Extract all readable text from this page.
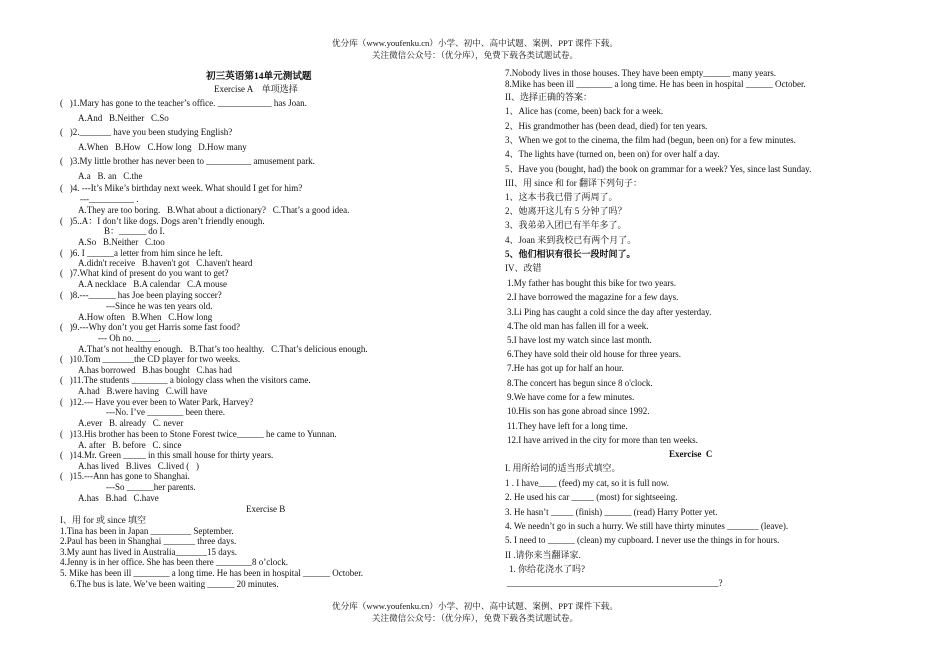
优分库（www.youfenku.cn）小学、初中、高中试题、案例、PPT 课件下载。
关注微信公众号：（优分库），免费下载各类试题试卷。
初三英语第14单元测试题
Exercise A　单项选择
(   )1.Mary has gone to the teacher’s office. ____________ has Joan.
A.And   B.Neither   C.So
(   )2._______ have you been studying English?
A.When   B.How   C.How long   D.How many
(   )3.My little brother has never been to __________ amusement park.
A.a   B. an   C.the
(   )4. ---It’s Mike’s birthday next week. What should I get for him?
---__________ .
A.They are too boring.   B.What about a dictionary?   C.That’s a good idea.
(   )5..A：I don’t like dogs. Dogs aren’t friendly enough.
B：______ do I.
A.So   B.Neither   C.too
(   )6. I ______a letter from him since he left.
A.didn't receive   B.haven't got   C.haven't heard
(   )7.What kind of present do you want to get?
A.A necklace   B.A calendar   C.A mouse
(   )8.---______ has Joe been playing soccer?
---Since he was ten years old.
A.How often   B.When   C.How long
(   )9.---Why don’t you get Harris some fast food?
--- Oh no. _____.
A.That’s not healthy enough.   B.That’s too healthy.   C.That’s delicious enough.
(   )10.Tom _______the CD player for two weeks.
A.has borrowed   B.has bought   C.has had
(   )11.The students ________ a biology class when the visitors came.
A.had   B.were having   C.will have
(   )12.--- Have you ever been to Water Park, Harvey?
---No. I’ve ________ been there.
A.ever   B. already   C. never
(   )13.His brother has been to Stone Forest twice______ he came to Yunnan.
A. after   B. before   C. since
(   )14.Mr. Green _____ in this small house for thirty years.
A.has lived   B.lives   C.lived (   )
(   )15.---Ann has gone to Shanghai.
---So ______her parents.
A.has   B.had   C.have
Exercise B
I、用 for 或 since 填空
1.Tina has been in Japan _________ September.
2.Paul has been in Shanghai _______ three days.
3.My aunt has lived in Australia_______15 days.
4.Jenny is in her office. She has been there ________8 o’clock.
5. Mike has been ill ________ a long time. He has been in hospital ______ October.
6.The bus is late. We’ve been waiting ______ 20 minutes.
7.Nobody lives in those houses. They have been empty______ many years.
8.Mike has been ill ________ a long time. He has been in hospital ______ October.
II、选择正确的答案：
1、Alice has (come, been) back for a week.
2、His grandmother has (been dead, died) for ten years.
3、When we got to the cinema, the film had (begun, been on) for a few minutes.
4、The lights have (turned on, been on) for over half a day.
5、Have you (bought, had) the book on grammar for a week? Yes, since last Sunday.
III、用 since 和 for 翻译下列句子：
1、这本书我已借了两周了。
2、她离开这儿有 5 分钟了吗？
3、我弟弟入团已有半年多了。
4、Joan 来到我校已有两个月了。
5、他们相识有很长一段时间了。
IV、改错
1.My father has bought this bike for two years.
2.I have borrowed the magazine for a few days.
3.Li Ping has caught a cold since the day after yesterday.
4.The old man has fallen ill for a week.
5.I have lost my watch since last month.
6.They have sold their old house for three years.
7.He has got up for half an hour.
8.The concert has begun since 8 o'clock.
9.We have come for a few minutes.
10.His son has gone abroad since 1992.
11.They have left for a long time.
12.I have arrived in the city for more than ten weeks.
Exercise  C
I. 用所给词的适当形式填空。
1 . I have____ (feed) my cat, so it is full now.
2. He used his car _____ (most) for sightseeing.
3. He hasn’t _____ (finish) ______ (read) Harry Potter yet.
4. We needn’t go in such a hurry. We still have thirty minutes _______ (leave).
5. I need to ______ (clean) my cupboard. I never use the things in for hours.
II .请你来当翻译家.
1. 你给花浇水了吗?
_______________________________________________?
优分库（www.youfenku.cn）小学、初中、高中试题、案例、PPT 课件下载。
关注微信公众号：（优分库），免费下载各类试题试卷。
